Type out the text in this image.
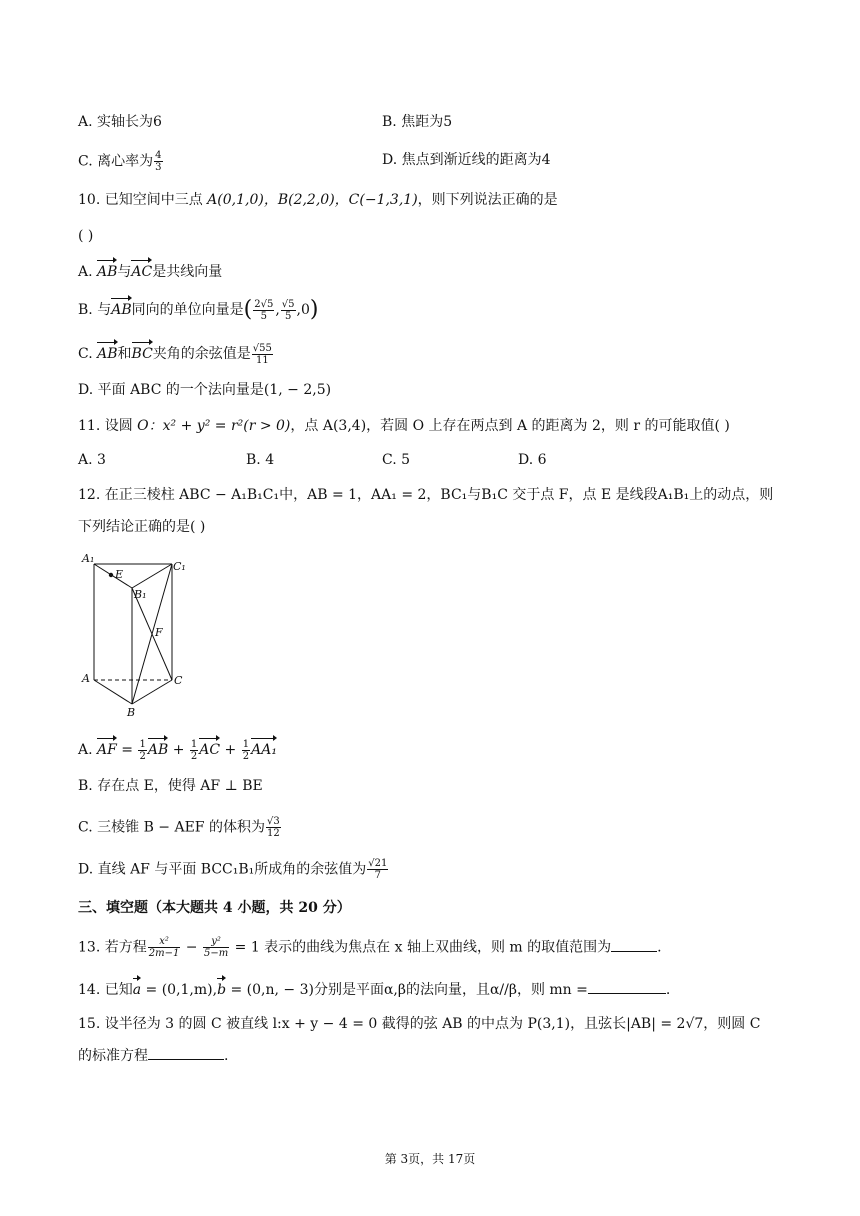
A. 实轴长为6	B. 焦距为5
C. 离心率为 $\frac{4}{3}$	D. 焦点到渐近线的距离为4
10. 已知空间中三点 A(0,1,0)，B(2,2,0)，C(−1,3,1)，则下列说法正确的是
( )
A. AB与AC是共线向量
B. 与AB同向的单位向量是( $\frac{2√5}{5}$ , $\frac{√5}{5} ,0$)
C. AB和BC夹角的余弦值是 $\frac{√55}{11}$
D. 平面 ABC 的一个法向量是(1, − 2,5)
11. 设圆 O：x² + y² = r²(r > 0)，点 A(3,4)，若圆 O 上存在两点到 A 的距离为 2，则 r 的可能取值( )
A. 3	B. 4	C. 5	D. 6
12. 在正三棱柱 ABC − A₁B₁C₁中，AB = 1，AA₁ = 2，BC₁与B₁C 交于点 F，点 E 是线段A₁B₁上的动点，则
下列结论正确的是( )
A₁
E
C₁
B₁
F
A	C
B
A. AF = $\frac{1}{2}$ AB + $\frac{1}{2}$ AC + $\frac{1}{2} AA_1$
B. 存在点 E，使得 AF ⊥ BE
C. 三棱锥 B − AEF 的体积为 $\frac{√3}{12}$
D. 直线 AF 与平面 BCC₁B₁所成角的余弦值为 $\frac{√21}{7}$
三、填空题（本大题共 4 小题，共 20 分）
13. 若方程 $\frac{\text{x²}}{2m-1} - \frac{\text{y²}}{5-m} = 1$ 表示的曲线为焦点在 x 轴上双曲线，则 m 的取值范围为	.
14. 已知a = (0,1,m),b = (0,n, − 3)分别是平面α,β的法向量，且α//β，则 mn =	.
15. 设半径为 3 的圆 C 被直线 l:x + y − 4 = 0 截得的弦 AB 的中点为 P(3,1)，且弦长|AB| = 2√7，则圆 C
的标准方程	.
第 3页，共 17页
